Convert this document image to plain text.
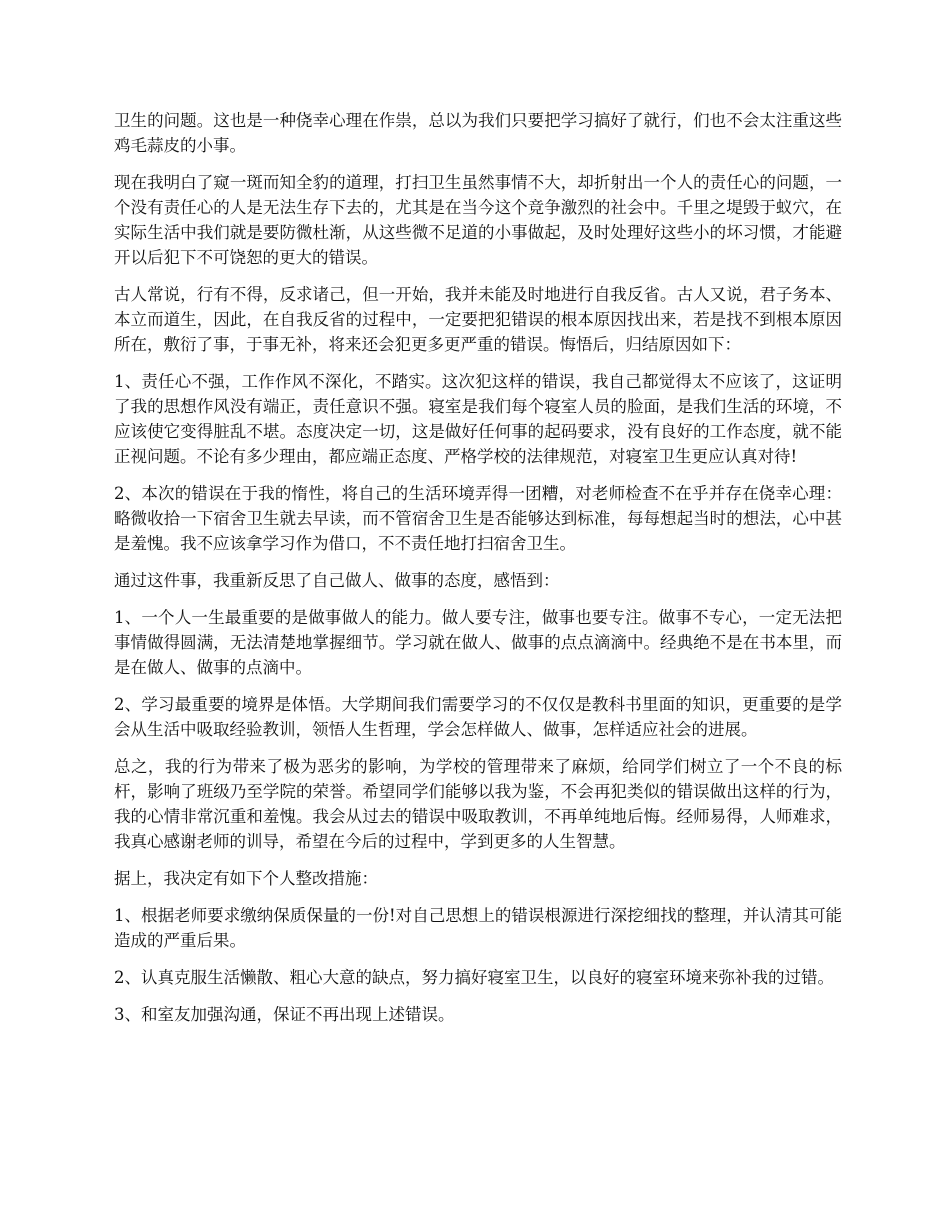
卫生的问题。这也是一种侥幸心理在作祟，总以为我们只要把学习搞好了就行，们也不会太注重这些鸡毛蒜皮的小事。

现在我明白了窥一斑而知全豹的道理，打扫卫生虽然事情不大，却折射出一个人的责任心的问题，一个没有责任心的人是无法生存下去的，尤其是在当今这个竞争激烈的社会中。千里之堤毁于蚁穴，在实际生活中我们就是要防微杜渐，从这些微不足道的小事做起，及时处理好这些小的坏习惯，才能避开以后犯下不可饶恕的更大的错误。

古人常说，行有不得，反求诸己，但一开始，我并未能及时地进行自我反省。古人又说，君子务本、本立而道生，因此，在自我反省的过程中，一定要把犯错误的根本原因找出来，若是找不到根本原因所在，敷衍了事，于事无补，将来还会犯更多更严重的错误。悔悟后，归结原因如下：

1、责任心不强，工作作风不深化，不踏实。这次犯这样的错误，我自己都觉得太不应该了，这证明了我的思想作风没有端正，责任意识不强。寝室是我们每个寝室人员的脸面，是我们生活的环境，不应该使它变得脏乱不堪。态度决定一切，这是做好任何事的起码要求，没有良好的工作态度，就不能正视问题。不论有多少理由，都应端正态度、严格学校的法律规范，对寝室卫生更应认真对待!

2、本次的错误在于我的惰性，将自己的生活环境弄得一团糟，对老师检查不在乎并存在侥幸心理：略微收拾一下宿舍卫生就去早读，而不管宿舍卫生是否能够达到标准，每每想起当时的想法，心中甚是羞愧。我不应该拿学习作为借口，不不责任地打扫宿舍卫生。

通过这件事，我重新反思了自己做人、做事的态度，感悟到：

1、一个人一生最重要的是做事做人的能力。做人要专注，做事也要专注。做事不专心，一定无法把事情做得圆满，无法清楚地掌握细节。学习就在做人、做事的点点滴滴中。经典绝不是在书本里，而是在做人、做事的点滴中。

2、学习最重要的境界是体悟。大学期间我们需要学习的不仅仅是教科书里面的知识，更重要的是学会从生活中吸取经验教训，领悟人生哲理，学会怎样做人、做事，怎样适应社会的进展。

总之，我的行为带来了极为恶劣的影响，为学校的管理带来了麻烦，给同学们树立了一个不良的标杆，影响了班级乃至学院的荣誉。希望同学们能够以我为鉴，不会再犯类似的错误做出这样的行为，我的心情非常沉重和羞愧。我会从过去的错误中吸取教训，不再单纯地后悔。经师易得，人师难求，我真心感谢老师的训导，希望在今后的过程中，学到更多的人生智慧。

据上，我决定有如下个人整改措施：

1、根据老师要求缴纳保质保量的一份!对自己思想上的错误根源进行深挖细找的整理，并认清其可能造成的严重后果。

2、认真克服生活懒散、粗心大意的缺点，努力搞好寝室卫生，以良好的寝室环境来弥补我的过错。

3、和室友加强沟通，保证不再出现上述错误。
